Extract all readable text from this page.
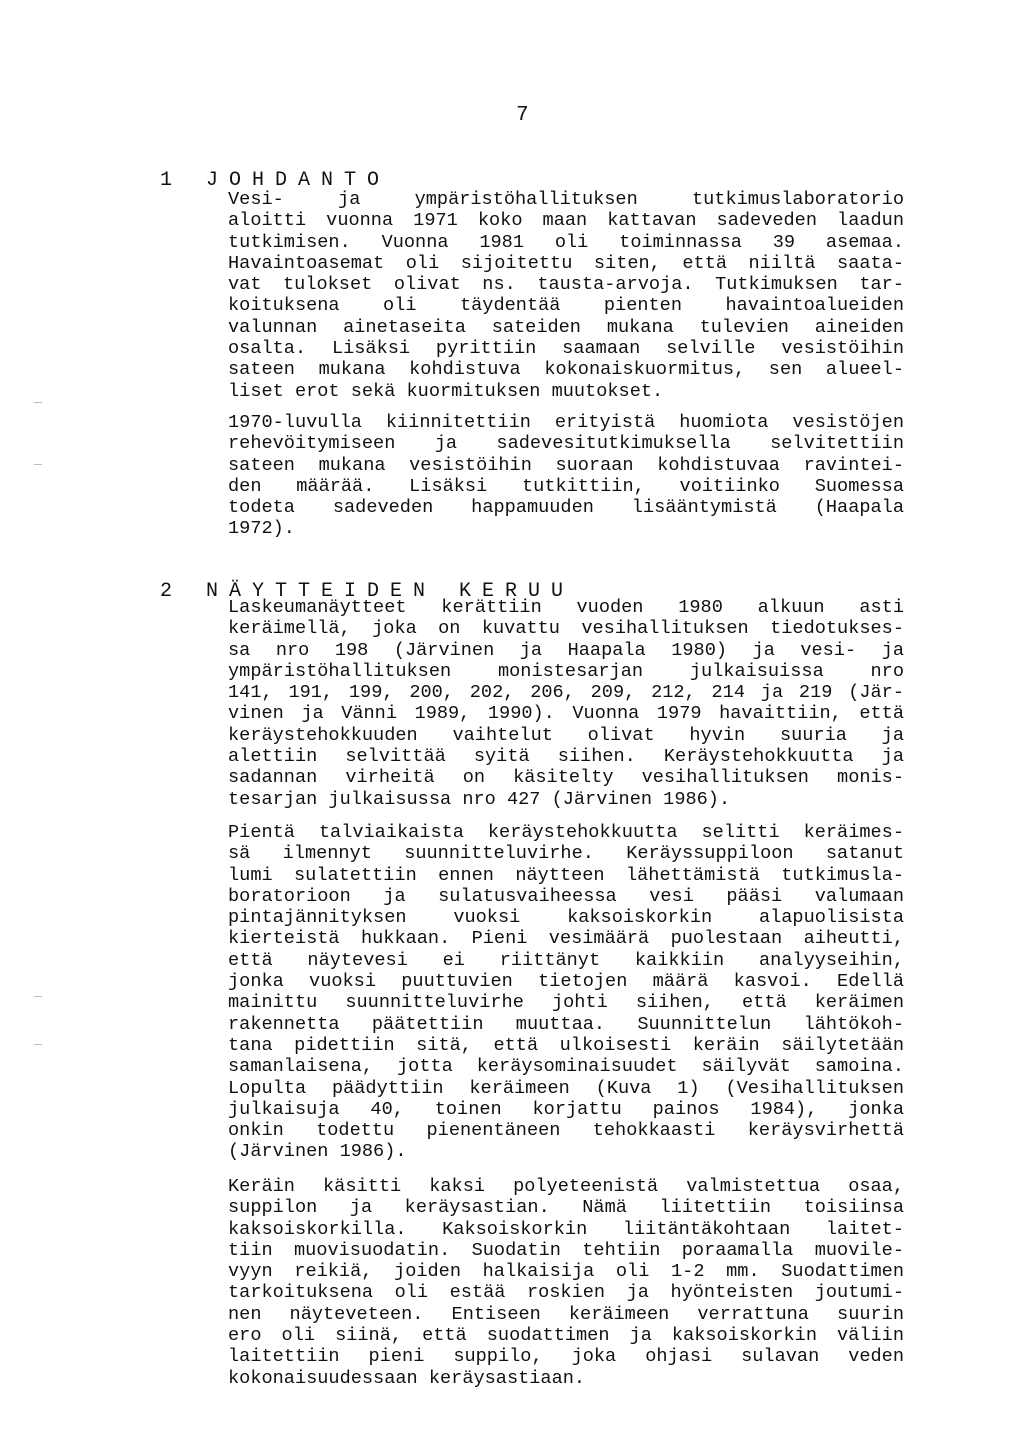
7

1 JOHDANTO

Vesi- ja ympäristöhallituksen tutkimuslaboratorio
aloitti vuonna 1971 koko maan kattavan sadeveden laadun
tutkimisen. Vuonna 1981 oli toiminnassa 39 asemaa.
Havaintoasemat oli sijoitettu siten, että niiltä saata-
vat tulokset olivat ns. tausta-arvoja. Tutkimuksen tar-
koituksena oli täydentää pienten havaintoalueiden
valunnan ainetaseita sateiden mukana tulevien aineiden
osalta. Lisäksi pyrittiin saamaan selville vesistöihin
sateen mukana kohdistuva kokonaiskuormitus, sen alueel-
liset erot sekä kuormituksen muutokset.
1970-luvulla kiinnitettiin erityistä huomiota vesistöjen
rehevöitymiseen ja sadevesitutkimuksella selvitettiin
sateen mukana vesistöihin suoraan kohdistuvaa ravintei-
den määrää. Lisäksi tutkittiin, voitiinko Suomessa
todeta sadeveden happamuuden lisääntymistä (Haapala
1972).

2 NÄYTTEIDEN KERUU

Laskeumanäytteet kerättiin vuoden 1980 alkuun asti
keräimellä, joka on kuvattu vesihallituksen tiedotukses-
sa nro 198 (Järvinen ja Haapala 1980) ja vesi- ja
ympäristöhallituksen monistesarjan julkaisuissa nro
141, 191, 199, 200, 202, 206, 209, 212, 214 ja 219 (Jär-
vinen ja Vänni 1989, 1990). Vuonna 1979 havaittiin, että
keräystehokkuuden vaihtelut olivat hyvin suuria ja
alettiin selvittää syitä siihen. Keräystehokkuutta ja
sadannan virheitä on käsitelty vesihallituksen monis-
tesarjan julkaisussa nro 427 (Järvinen 1986).
Pientä talviaikaista keräystehokkuutta selitti keräimes-
sä ilmennyt suunnitteluvirhe. Keräyssuppiloon satanut
lumi sulatettiin ennen näytteen lähettämistä tutkimusla-
boratorioon ja sulatusvaiheessa vesi pääsi valumaan
pintajännityksen vuoksi kaksoiskorkin alapuolisista
kierteistä hukkaan. Pieni vesimäärä puolestaan aiheutti,
että näytevesi ei riittänyt kaikkiin analyyseihin,
jonka vuoksi puuttuvien tietojen määrä kasvoi. Edellä
mainittu suunnitteluvirhe johti siihen, että keräimen
rakennetta päätettiin muuttaa. Suunnittelun lähtökoh-
tana pidettiin sitä, että ulkoisesti keräin säilytetään
samanlaisena, jotta keräysominaisuudet säilyvät samoina.
Lopulta päädyttiin keräimeen (Kuva 1) (Vesihallituksen
julkaisuja 40, toinen korjattu painos 1984), jonka
onkin todettu pienentäneen tehokkaasti keräysvirhettä
(Järvinen 1986).
Keräin käsitti kaksi polyeteenistä valmistettua osaa,
suppilon ja keräysastian. Nämä liitettiin toisiinsa
kaksoiskorkilla. Kaksoiskorkin liitäntäkohtaan laitet-
tiin muovisuodatin. Suodatin tehtiin poraamalla muovile-
vyyn reikiä, joiden halkaisija oli 1-2 mm. Suodattimen
tarkoituksena oli estää roskien ja hyönteisten joutumi-
nen näyteveteen. Entiseen keräimeen verrattuna suurin
ero oli siinä, että suodattimen ja kaksoiskorkin väliin
laitettiin pieni suppilo, joka ohjasi sulavan veden
kokonaisuudessaan keräysastiaan.
